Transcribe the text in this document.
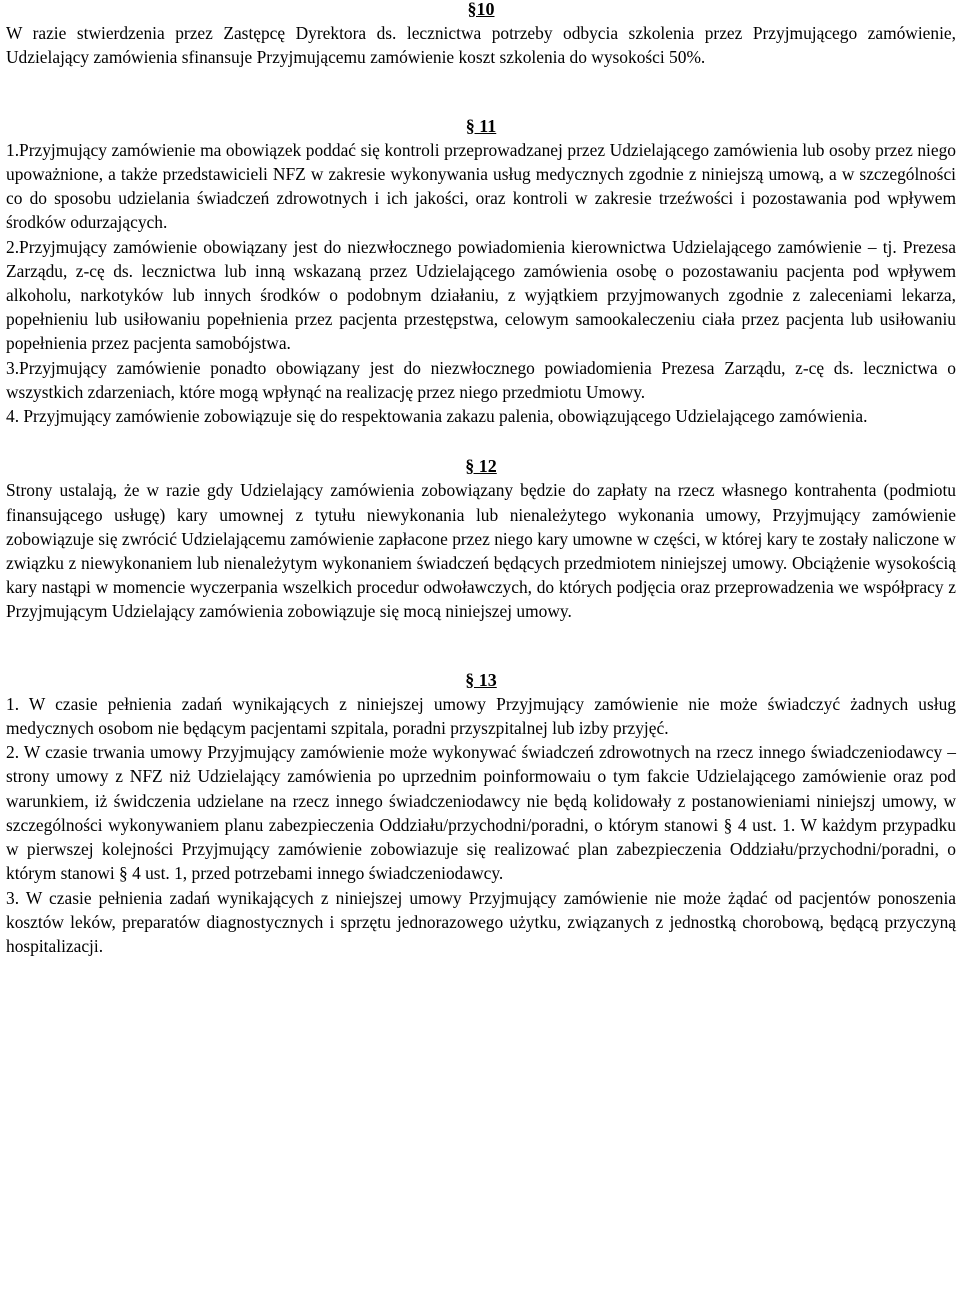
§10

W razie stwierdzenia przez Zastępcę Dyrektora ds. lecznictwa potrzeby odbycia szkolenia przez Przyjmującego zamówienie, Udzielający zamówienia sfinansuje Przyjmującemu zamówienie koszt szkolenia do wysokości 50%.

§ 11

1.Przyjmujący zamówienie ma obowiązek poddać się kontroli przeprowadzanej przez Udzielającego zamówienia lub osoby przez niego upoważnione, a także przedstawicieli NFZ w zakresie wykonywania usług medycznych zgodnie z niniejszą umową, a w szczególności co do sposobu udzielania świadczeń zdrowotnych i ich jakości, oraz kontroli w zakresie trzeźwości i pozostawania pod wpływem środków odurzających.

2.Przyjmujący zamówienie obowiązany jest do niezwłocznego powiadomienia kierownictwa Udzielającego zamówienie – tj. Prezesa Zarządu, z-cę ds. lecznictwa lub inną wskazaną przez Udzielającego zamówienia osobę o pozostawaniu pacjenta pod wpływem alkoholu, narkotyków lub innych środków o podobnym działaniu, z wyjątkiem przyjmowanych zgodnie z zaleceniami lekarza, popełnieniu lub usiłowaniu popełnienia przez pacjenta przestępstwa, celowym samookaleczeniu ciała przez pacjenta lub usiłowaniu popełnienia przez pacjenta samobójstwa.

3.Przyjmujący zamówienie ponadto obowiązany jest do niezwłocznego powiadomienia Prezesa Zarządu, z-cę ds. lecznictwa o wszystkich zdarzeniach, które mogą wpłynąć na realizację przez niego przedmiotu Umowy.

4. Przyjmujący zamówienie zobowiązuje się do respektowania zakazu palenia, obowiązującego Udzielającego zamówienia.

§ 12

Strony ustalają, że w razie gdy Udzielający zamówienia zobowiązany będzie do zapłaty na rzecz własnego kontrahenta (podmiotu finansującego usługę) kary umownej z tytułu niewykonania lub nienależytego wykonania umowy, Przyjmujący zamówienie zobowiązuje się zwrócić Udzielającemu zamówienie zapłacone przez niego kary umowne w części, w której kary te zostały naliczone w związku z niewykonaniem lub nienależytym wykonaniem świadczeń będących przedmiotem niniejszej umowy. Obciążenie wysokością kary nastąpi w momencie wyczerpania wszelkich procedur odwoławczych, do których podjęcia oraz przeprowadzenia we współpracy z Przyjmującym Udzielający zamówienia zobowiązuje się mocą niniejszej umowy.

§ 13

1. W czasie pełnienia zadań wynikających z niniejszej umowy Przyjmujący zamówienie nie może świadczyć żadnych usług medycznych osobom nie będącym pacjentami szpitala, poradni przyszpitalnej lub izby przyjęć.

2. W czasie trwania umowy Przyjmujący zamówienie może wykonywać świadczeń zdrowotnych na rzecz innego świadczeniodawcy – strony umowy z NFZ niż Udzielający zamówienia po uprzednim poinformowaiu o tym fakcie Udzielającego zamówienie oraz pod warunkiem, iż świdczenia udzielane na rzecz innego świadczeniodawcy nie będą kolidowały z postanowieniami niniejszj umowy, w szczególności wykonywaniem planu zabezpieczenia Oddziału/przychodni/poradni, o którym stanowi § 4 ust. 1. W każdym przypadku w pierwszej kolejności Przyjmujący zamówienie zobowiazuje się realizować plan zabezpieczenia Oddziału/przychodni/poradni, o którym stanowi § 4 ust. 1, przed potrzebami innego świadczeniodawcy.

3. W czasie pełnienia zadań wynikających z niniejszej umowy Przyjmujący zamówienie nie może żądać od pacjentów ponoszenia kosztów leków, preparatów diagnostycznych i sprzętu jednorazowego użytku, związanych z jednostką chorobową, będącą przyczyną hospitalizacji.
